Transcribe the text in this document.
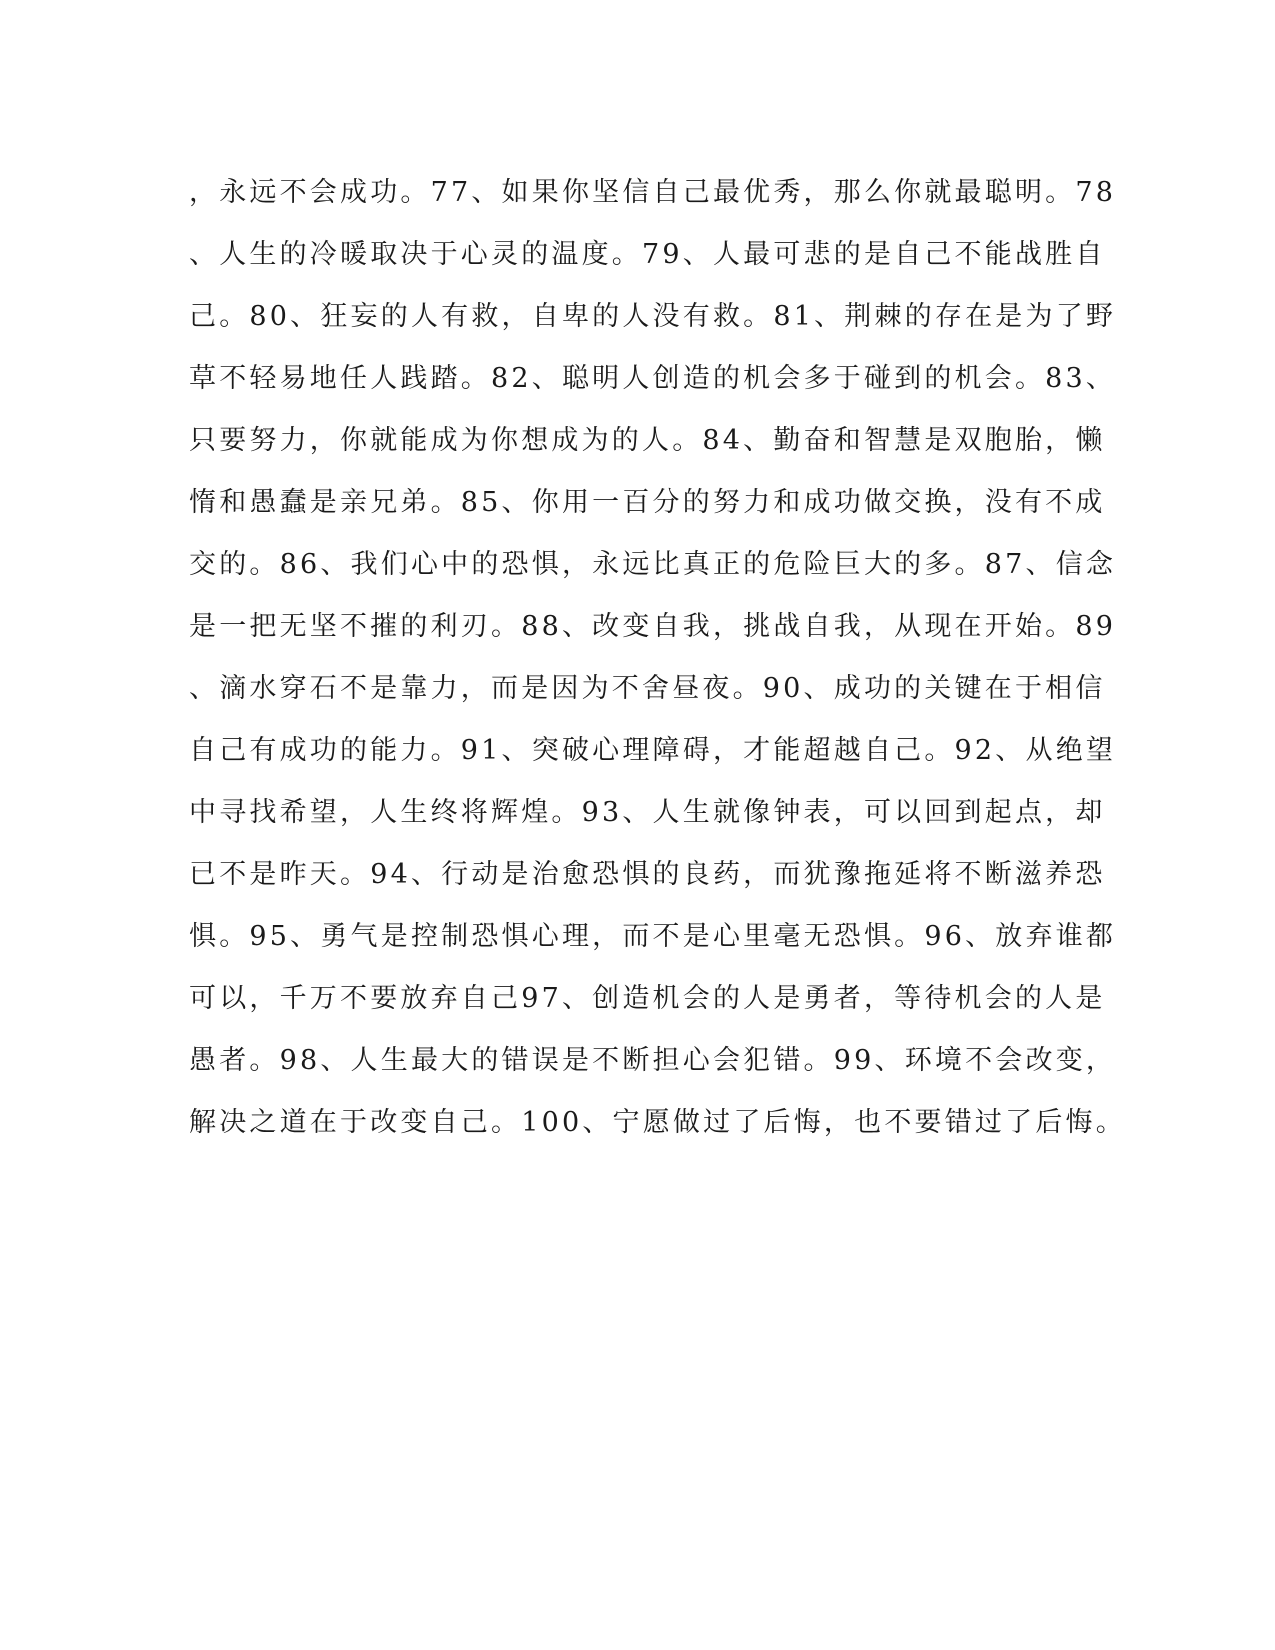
，永远不会成功。77、如果你坚信自己最优秀，那么你就最聪明。78
、人生的冷暖取决于心灵的温度。79、人最可悲的是自己不能战胜自
己。80、狂妄的人有救，自卑的人没有救。81、荆棘的存在是为了野
草不轻易地任人践踏。82、聪明人创造的机会多于碰到的机会。83、
只要努力，你就能成为你想成为的人。84、勤奋和智慧是双胞胎，懒
惰和愚蠢是亲兄弟。85、你用一百分的努力和成功做交换，没有不成
交的。86、我们心中的恐惧，永远比真正的危险巨大的多。87、信念
是一把无坚不摧的利刃。88、改变自我，挑战自我，从现在开始。89
、滴水穿石不是靠力，而是因为不舍昼夜。90、成功的关键在于相信
自己有成功的能力。91、突破心理障碍，才能超越自己。92、从绝望
中寻找希望，人生终将辉煌。93、人生就像钟表，可以回到起点，却
已不是昨天。94、行动是治愈恐惧的良药，而犹豫拖延将不断滋养恐
惧。95、勇气是控制恐惧心理，而不是心里毫无恐惧。96、放弃谁都
可以，千万不要放弃自己97、创造机会的人是勇者，等待机会的人是
愚者。98、人生最大的错误是不断担心会犯错。99、环境不会改变，
解决之道在于改变自己。100、宁愿做过了后悔，也不要错过了后悔。
